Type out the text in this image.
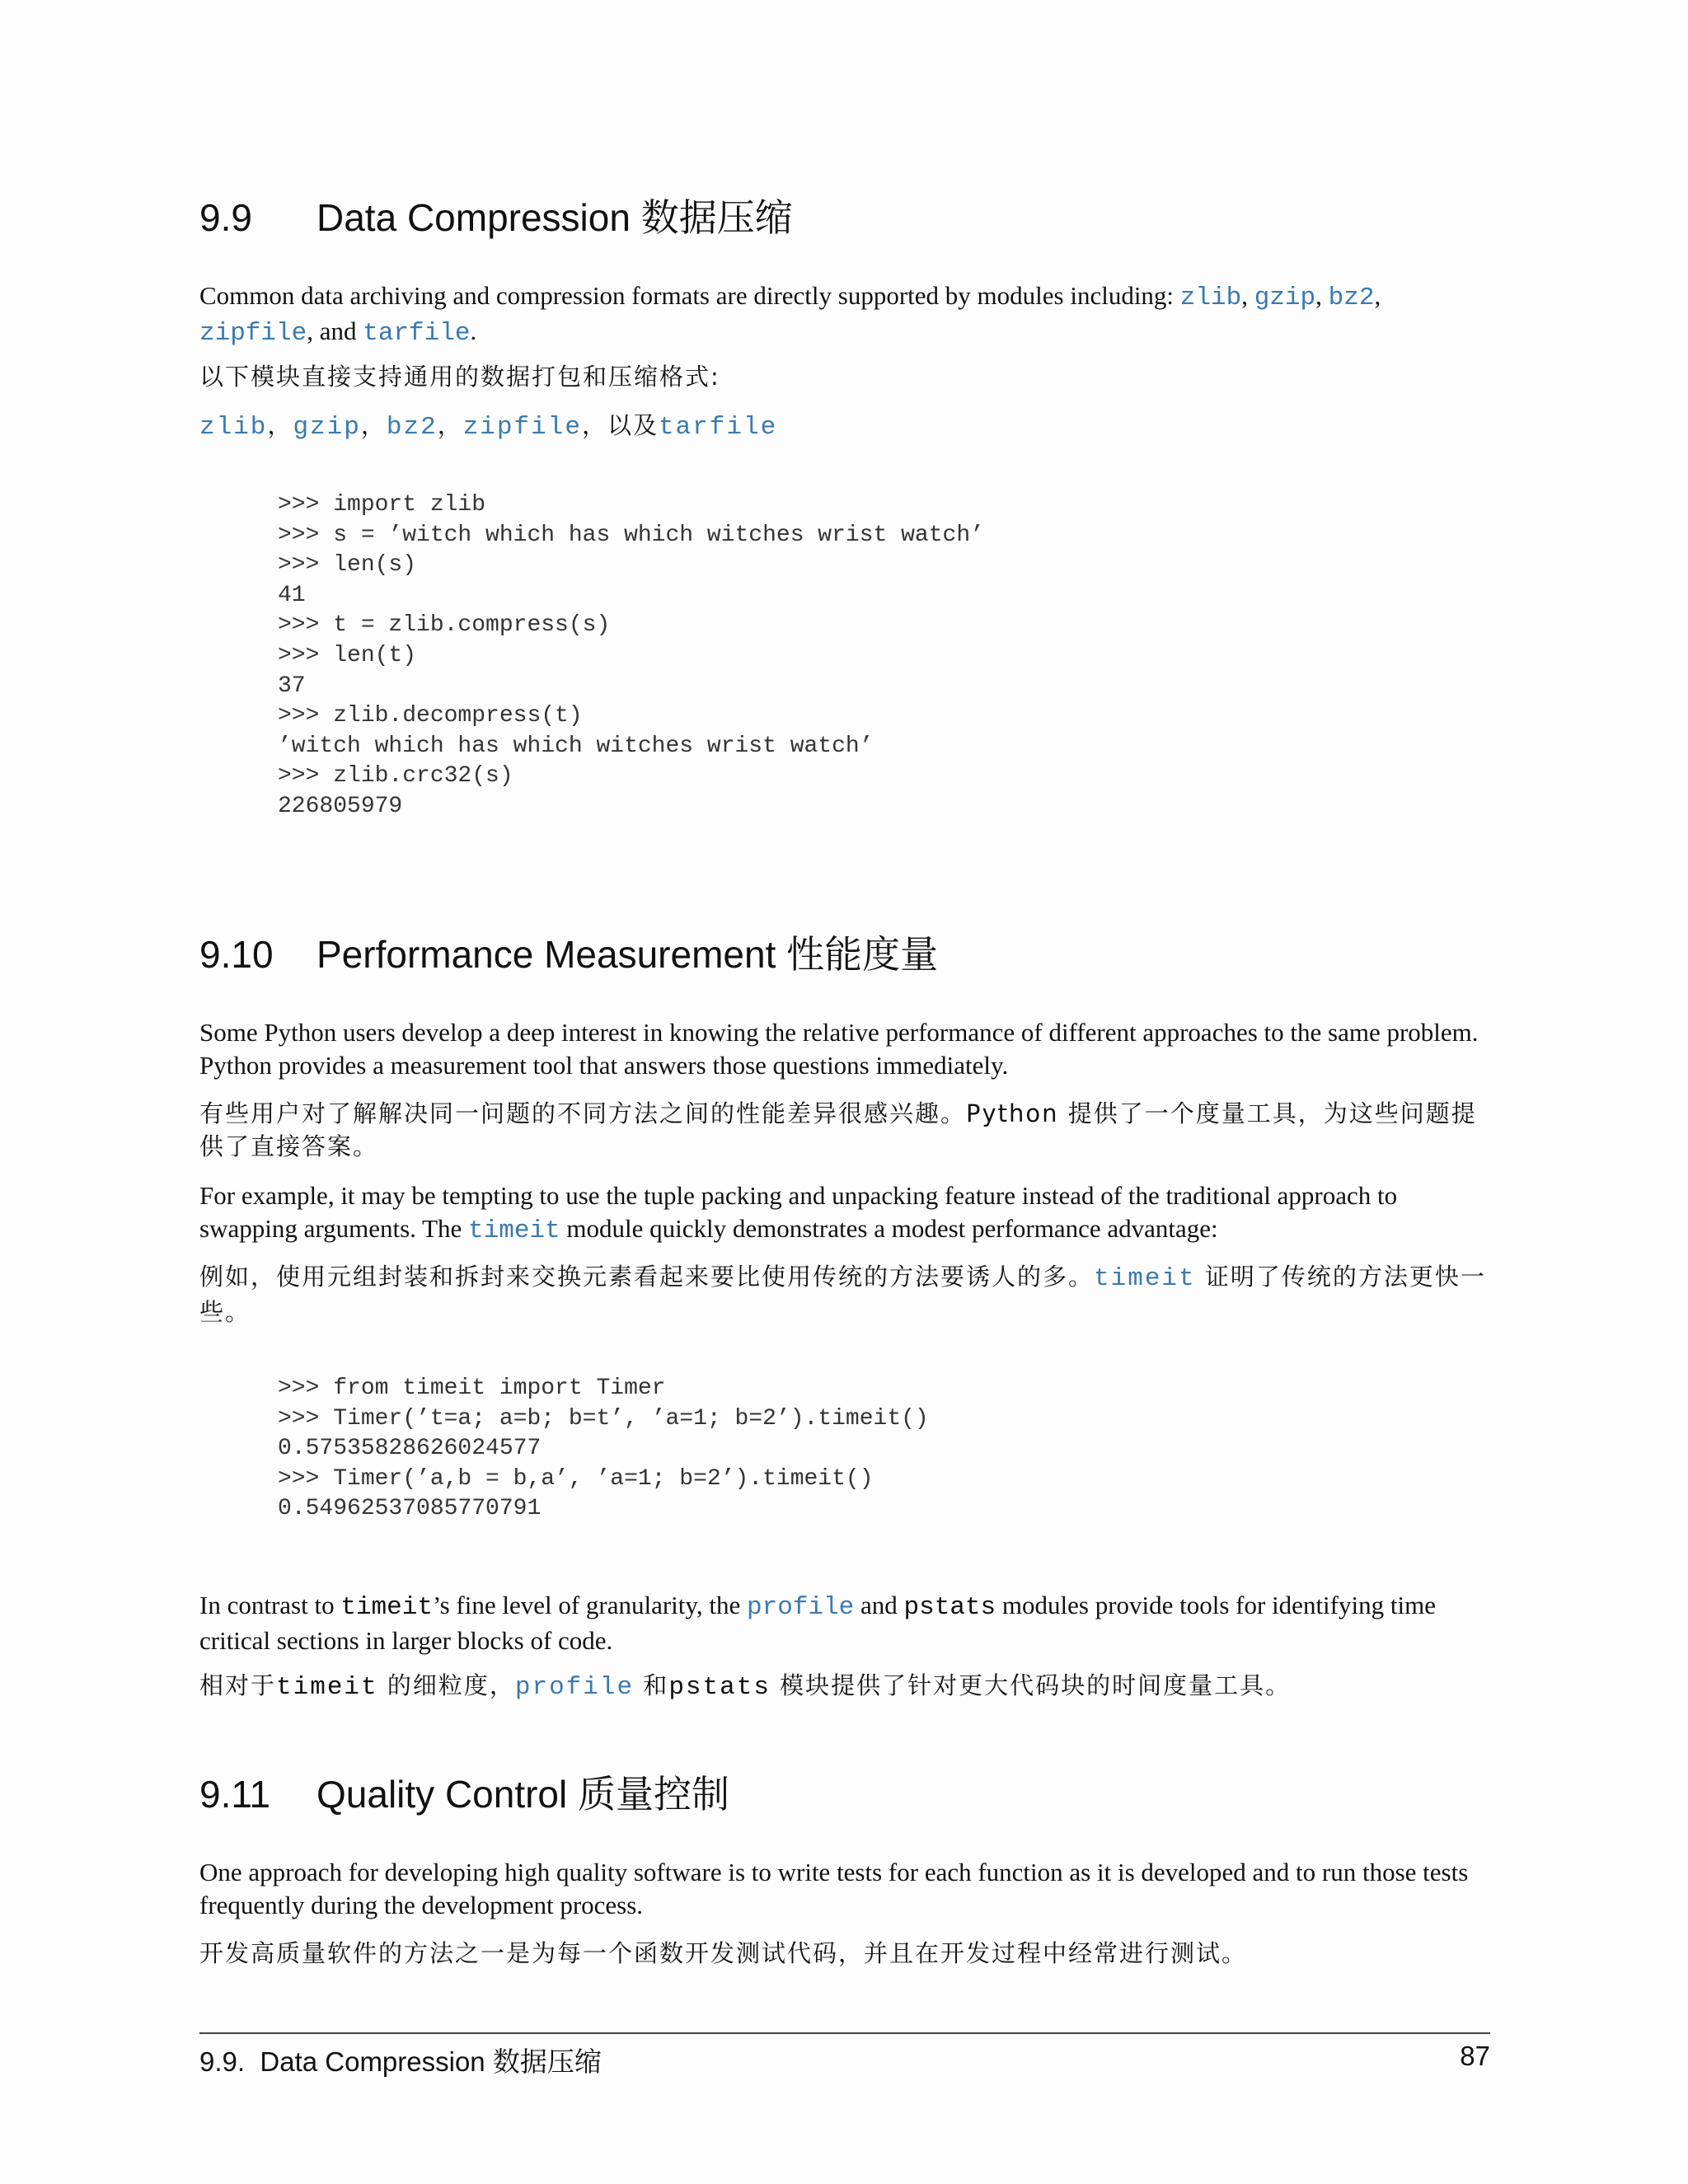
9.9 Data Compression 数据压缩

Common data archiving and compression formats are directly supported by modules including: zlib, gzip, bz2,
zipfile, and tarfile.

以下模块直接支持通用的数据打包和压缩格式:

zlib，gzip，bz2，zipfile，以及tarfile

>>> import zlib
>>> s = ’witch which has which witches wrist watch’
>>> len(s)
41
>>> t = zlib.compress(s)
>>> len(t)
37
>>> zlib.decompress(t)
’witch which has which witches wrist watch’
>>> zlib.crc32(s)
226805979
9.10 Performance Measurement 性能度量

Some Python users develop a deep interest in knowing the relative performance of different approaches to the same problem. Python provides a measurement tool that answers those questions immediately.

有些用户对了解解决同一问题的不同方法之间的性能差异很感兴趣。Python 提供了一个度量工具，为这些问题提供了直接答案。

For example, it may be tempting to use the tuple packing and unpacking feature instead of the traditional approach to swapping arguments. The timeit module quickly demonstrates a modest performance advantage:

例如，使用元组封装和拆封来交换元素看起来要比使用传统的方法要诱人的多。timeit 证明了传统的方法更快一些。

In contrast to timeit’s fine level of granularity, the profile and pstats modules provide tools for identifying time critical sections in larger blocks of code.

相对于timeit 的细粒度，profile 和pstats 模块提供了针对更大代码块的时间度量工具。

>>> from timeit import Timer
>>> Timer(’t=a; a=b; b=t’, ’a=1; b=2’).timeit()
0.57535828626024577
>>> Timer(’a,b = b,a’, ’a=1; b=2’).timeit()
0.54962537085770791
9.11 Quality Control 质量控制

One approach for developing high quality software is to write tests for each function as it is developed and to run those tests frequently during the development process.

开发高质量软件的方法之一是为每一个函数开发测试代码，并且在开发过程中经常进行测试。

9.9.  Data Compression 数据压缩	87
